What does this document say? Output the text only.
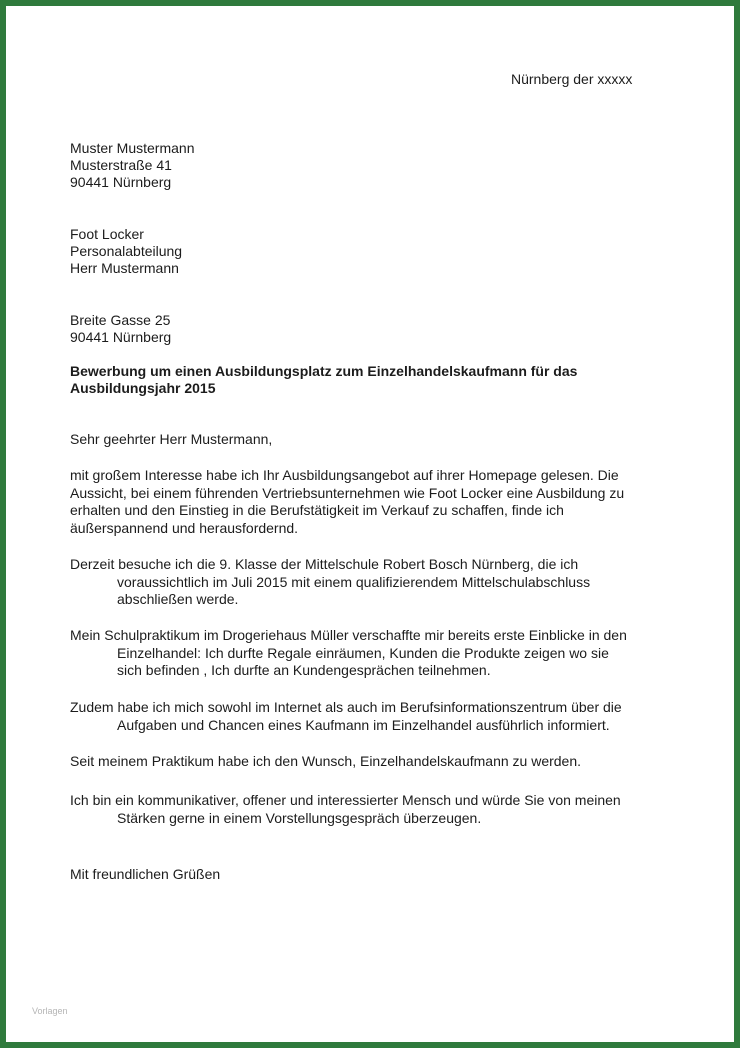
Nürnberg der xxxxx
Muster Mustermann
Musterstraße 41
90441 Nürnberg
Foot Locker
Personalabteilung
Herr Mustermann
Breite Gasse 25
90441 Nürnberg
Bewerbung um einen Ausbildungsplatz zum Einzelhandelskaufmann für das
Ausbildungsjahr 2015
Sehr geehrter Herr Mustermann,
mit großem Interesse habe ich Ihr Ausbildungsangebot auf ihrer Homepage gelesen. Die
Aussicht, bei einem führenden Vertriebsunternehmen wie Foot Locker eine Ausbildung zu
erhalten und den Einstieg in die Berufstätigkeit im Verkauf zu schaffen, finde ich
äußerspannend und herausfordernd.
Derzeit besuche ich die 9. Klasse der Mittelschule Robert Bosch Nürnberg, die ich
voraussichtlich im Juli 2015 mit einem qualifizierendem Mittelschulabschluss
abschließen werde.
Mein Schulpraktikum im Drogeriehaus Müller verschaffte mir bereits erste Einblicke in den
Einzelhandel: Ich durfte Regale einräumen, Kunden die Produkte zeigen wo sie
sich befinden , Ich durfte an Kundengesprächen teilnehmen.
Zudem habe ich mich sowohl im Internet als auch im Berufsinformationszentrum über die
Aufgaben und Chancen eines Kaufmann im Einzelhandel ausführlich informiert.
Seit meinem Praktikum habe ich den Wunsch, Einzelhandelskaufmann zu werden.
Ich bin ein kommunikativer, offener und interessierter Mensch und würde Sie von meinen
Stärken gerne in einem Vorstellungsgespräch überzeugen.
Mit freundlichen Grüßen
Vorlagen
